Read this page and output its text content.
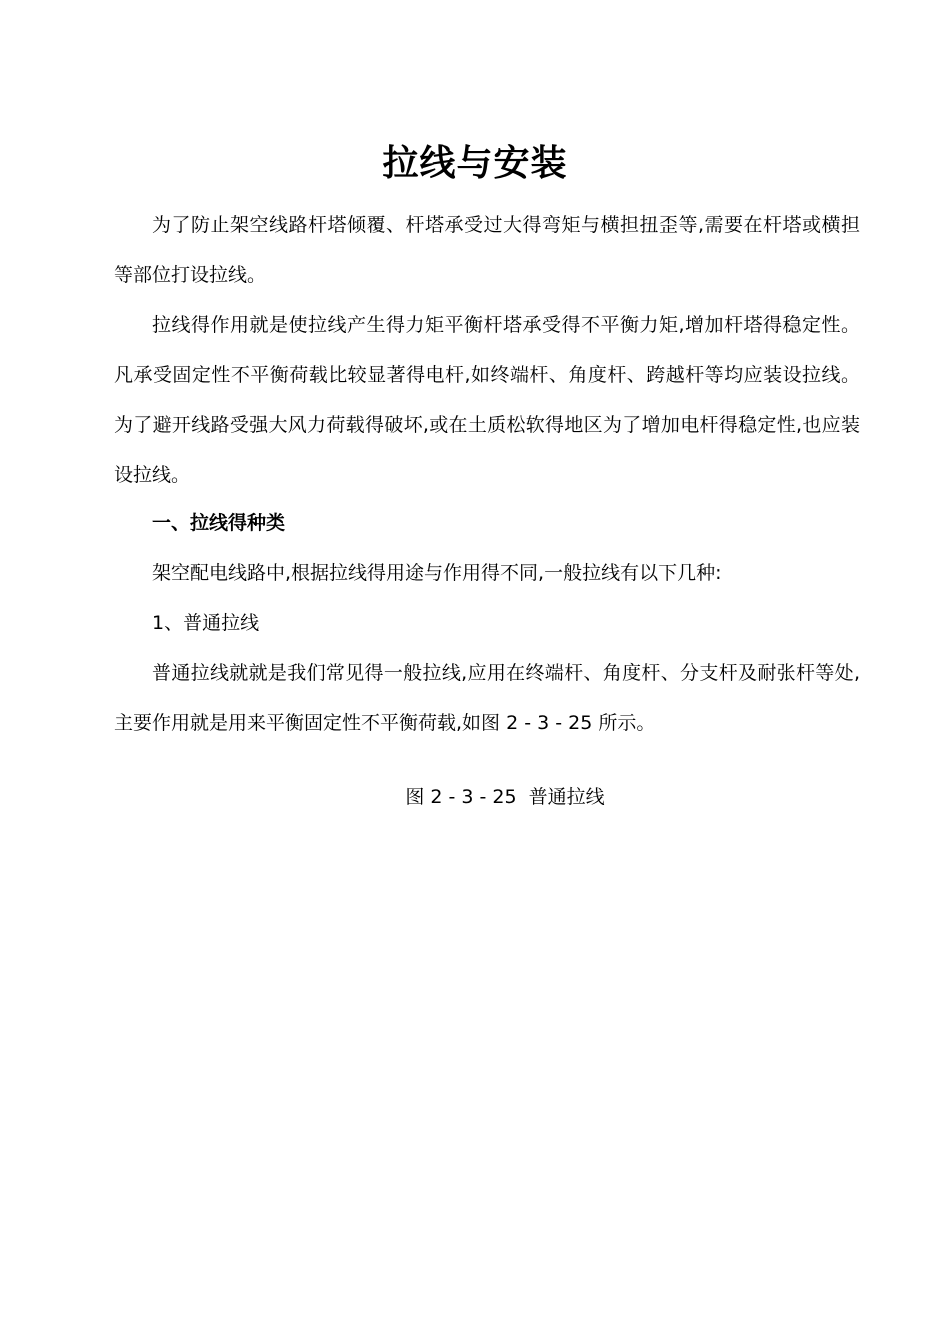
拉线与安装

为了防止架空线路杆塔倾覆、杆塔承受过大得弯矩与横担扭歪等,需要在杆塔或横担等部位打设拉线。

拉线得作用就是使拉线产生得力矩平衡杆塔承受得不平衡力矩,增加杆塔得稳定性。凡承受固定性不平衡荷载比较显著得电杆,如终端杆、角度杆、跨越杆等均应装设拉线。为了避开线路受强大风力荷载得破坏,或在土质松软得地区为了增加电杆得稳定性,也应装设拉线。

一、拉线得种类

架空配电线路中,根据拉线得用途与作用得不同,一般拉线有以下几种:

1、普通拉线

普通拉线就就是我们常见得一般拉线,应用在终端杆、角度杆、分支杆及耐张杆等处,主要作用就是用来平衡固定性不平衡荷载,如图 2 - 3 - 25 所示。

图 2 - 3 - 25  普通拉线
